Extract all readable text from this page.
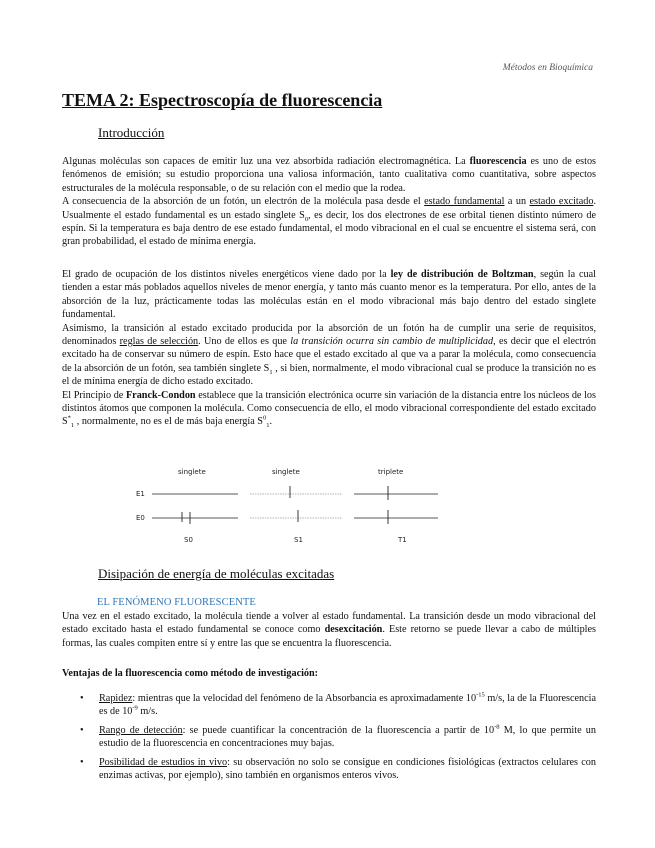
Métodos en Bioquímica
TEMA 2: Espectroscopía de fluorescencia
Introducción

Algunas moléculas son capaces de emitir luz una vez absorbida radiación electromagnética. La fluorescencia es uno de estos fenómenos de emisión; su estudio proporciona una valiosa información, tanto cualitativa como cuantitativa, sobre aspectos estructurales de la molécula responsable, o de su relación con el medio que la rodea.
A consecuencia de la absorción de un fotón, un electrón de la molécula pasa desde el estado fundamental a un estado excitado. Usualmente el estado fundamental es un estado singlete $S_0$, es decir, los dos electrones de ese orbital tienen distinto número de espín. Si la temperatura es baja dentro de ese estado fundamental, el modo vibracional en el cual se encuentre el sistema será, con gran probabilidad, el estado de mínima energía.

El grado de ocupación de los distintos niveles energéticos viene dado por la ley de distribución de Boltzman, según la cual tienden a estar más poblados aquellos niveles de menor energía, y tanto más cuanto menor es la temperatura. Por ello, antes de la absorción de la luz, prácticamente todas las moléculas están en el modo vibracional más bajo dentro del estado singlete fundamental.
Asimismo, la transición al estado excitado producida por la absorción de un fotón ha de cumplir una serie de requisitos, denominados reglas de selección. Uno de ellos es que la transición ocurra sin cambio de multiplicidad, es decir que el electrón excitado ha de conservar su número de espín. Esto hace que el estado excitado al que va a parar la molécula, como consecuencia de la absorción de un fotón, sea también singlete $S_1$ , si bien, normalmente, el modo vibracional cual se produce la transición no es el de mínima energía de dicho estado excitado.
El Principio de Franck-Condon establece que la transición electrónica ocurre sin variación de la distancia entre los núcleos de los distintos átomos que componen la molécula. Como consecuencia de ello, el modo vibracional correspondiente del estado excitado $S^*_1$ , normalmente, no es el de más baja energía $S^0_1$.

singlete	singlete	triplete
E1
E0
S0	S1	T1
Disipación de energía de moléculas excitadas

EL FENÓMENO FLUORESCENTE

Una vez en el estado excitado, la molécula tiende a volver al estado fundamental. La transición desde un modo vibracional del estado excitado hasta el estado fundamental se conoce como desexcitación. Este retorno se puede llevar a cabo de múltiples formas, las cuales compiten entre sí y entre las que se encuentra la fluorescencia.

Ventajas de la fluorescencia como método de investigación:

• Rapidez: mientras que la velocidad del fenómeno de la Absorbancia es aproximadamente $10^{-15}$ m/s, la de la Fluorescencia es de $10^{-9}$ m/s.
• Rango de detección: se puede cuantificar la concentración de la fluorescencia a partir de $10^{-8}$ M, lo que permite un estudio de la fluorescencia en concentraciones muy bajas.
• Posibilidad de estudios in vivo: su observación no solo se consigue en condiciones fisiológicas (extractos celulares con enzimas activas, por ejemplo), sino también en organismos enteros vivos.
